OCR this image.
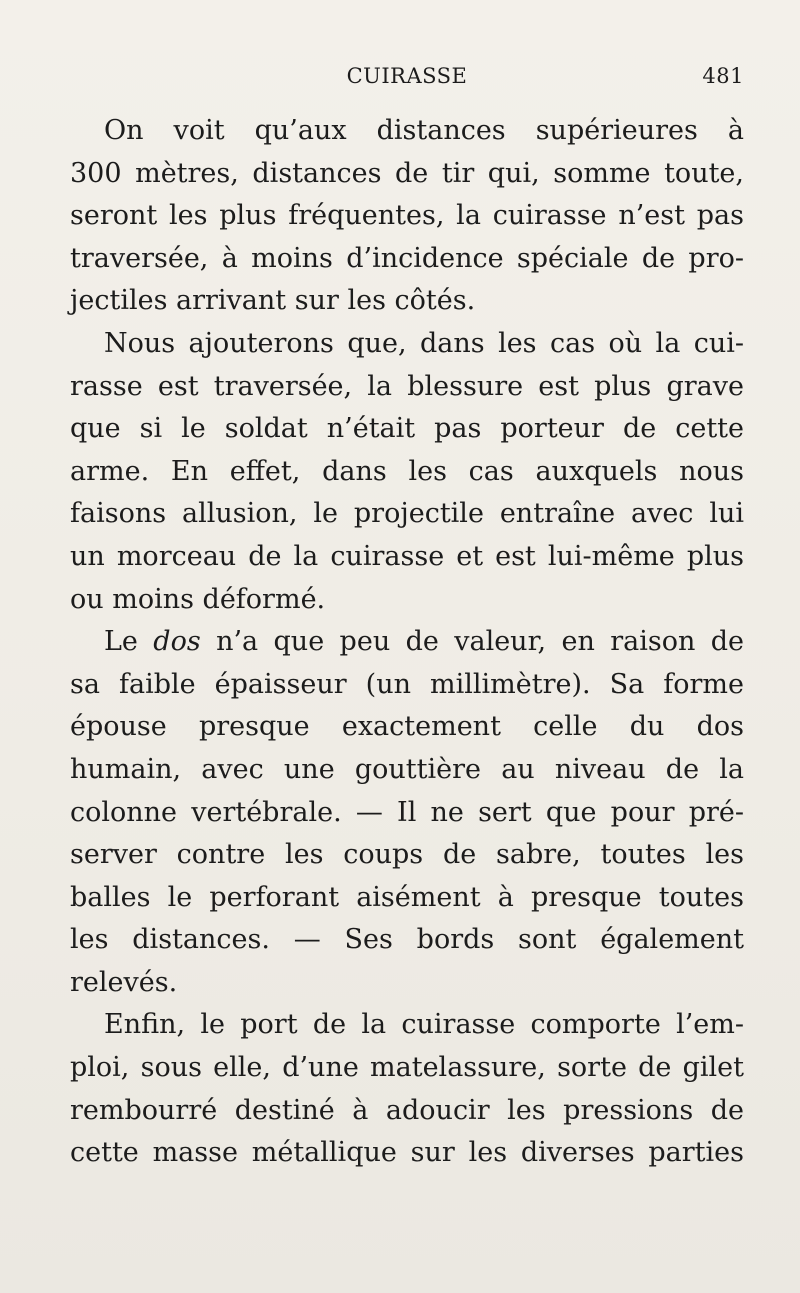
CUIRASSE	481
On voit qu’aux distances supérieures à
300 mètres, distances de tir qui, somme toute,
seront les plus fréquentes, la cuirasse n’est pas
traversée, à moins d’incidence spéciale de pro-
jectiles arrivant sur les côtés.
Nous ajouterons que, dans les cas où la cui-
rasse est traversée, la blessure est plus grave
que si le soldat n’était pas porteur de cette
arme. En effet, dans les cas auxquels nous
faisons allusion, le projectile entraîne avec lui
un morceau de la cuirasse et est lui-même plus
ou moins déformé.
Le dos n’a que peu de valeur, en raison de
sa faible épaisseur (un millimètre). Sa forme
épouse presque exactement celle du dos
humain, avec une gouttière au niveau de la
colonne vertébrale. — Il ne sert que pour pré-
server contre les coups de sabre, toutes les
balles le perforant aisément à presque toutes
les distances. — Ses bords sont également
relevés.
Enfin, le port de la cuirasse comporte l’em-
ploi, sous elle, d’une matelassure, sorte de gilet
rembourré destiné à adoucir les pressions de
cette masse métallique sur les diverses parties
